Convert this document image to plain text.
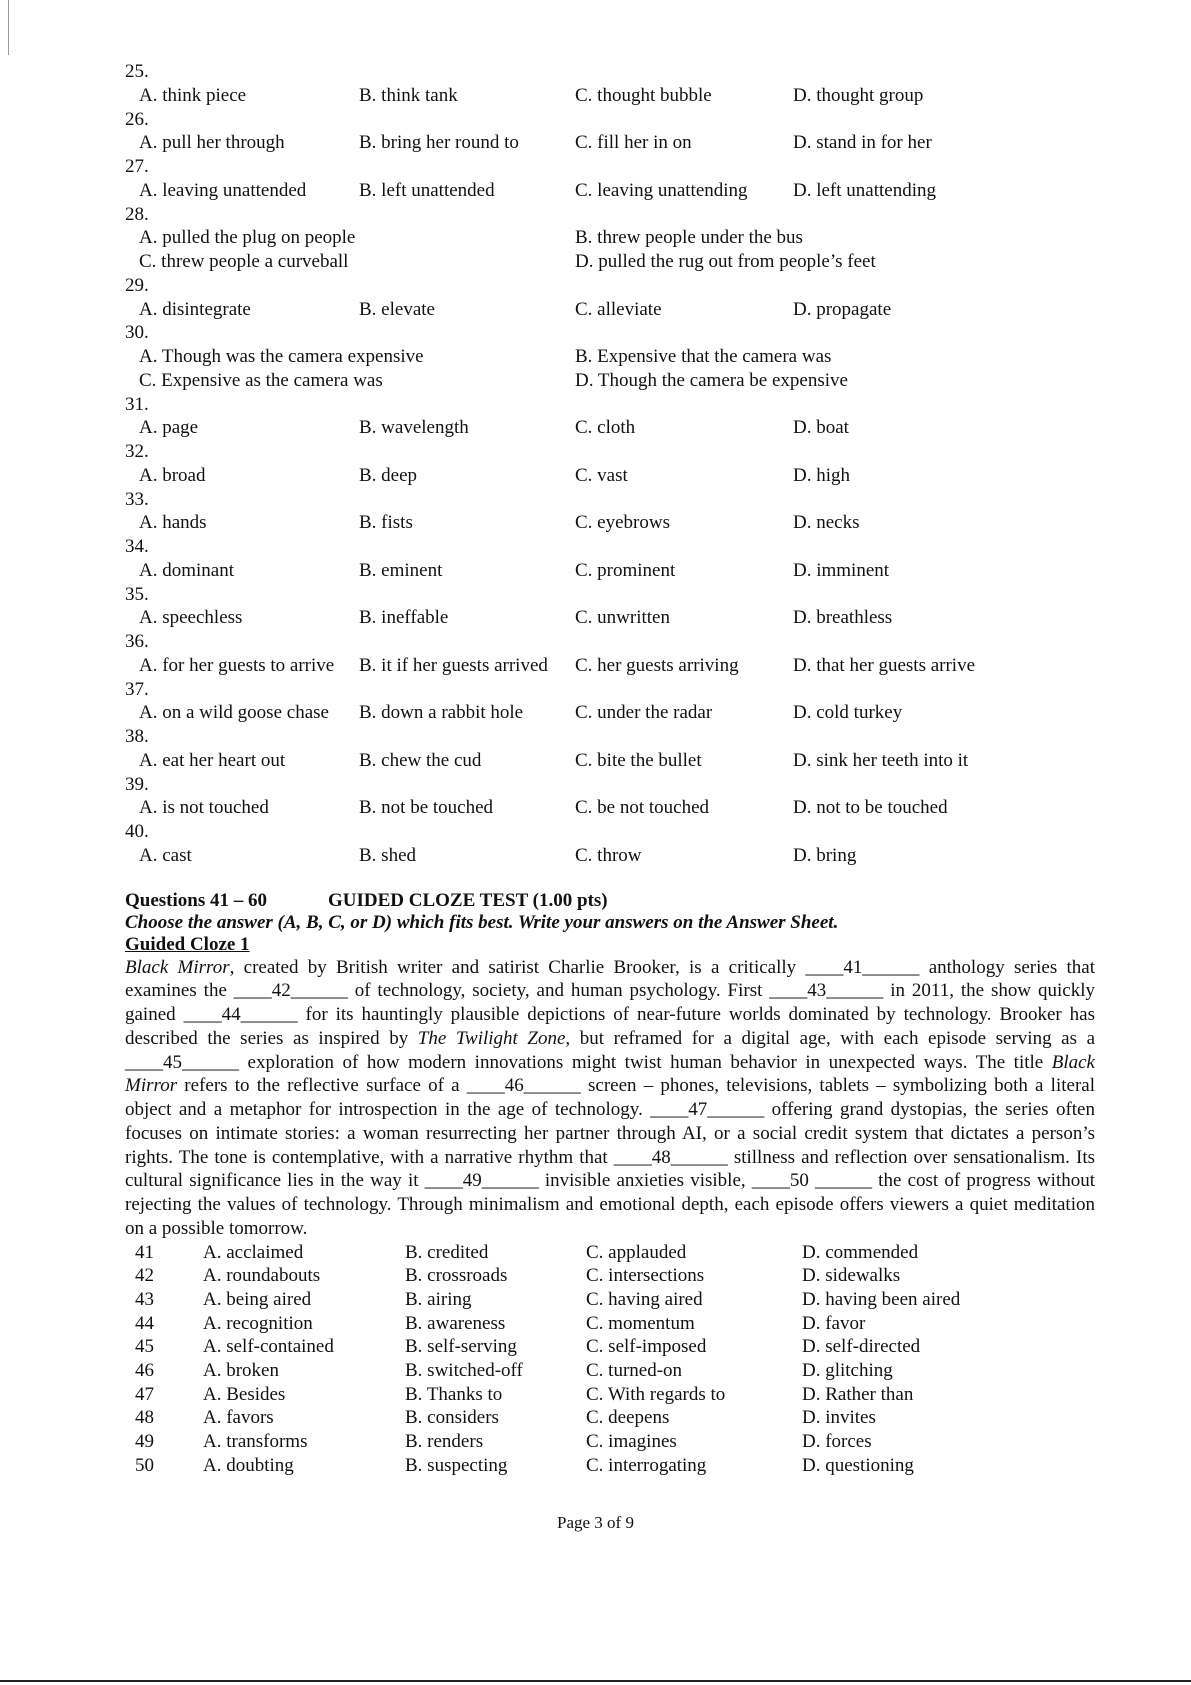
25.
A. think piece	B. think tank	C. thought bubble	D. thought group
26.
A. pull her through	B. bring her round to	C. fill her in on	D. stand in for her
27.
A. leaving unattended	B. left unattended	C. leaving unattending D. left unattending
28.
A. pulled the plug on people	B. threw people under the bus
C. threw people a curveball	D. pulled the rug out from people’s feet
29.
A. disintegrate	B. elevate	C. alleviate	D. propagate
30.
A. Though was the camera expensive	B. Expensive that the camera was
C. Expensive as the camera was	D. Though the camera be expensive
31.
A. page	B. wavelength	C. cloth	D. boat
32.
A. broad	B. deep	C. vast	D. high
33.
A. hands	B. fists	C. eyebrows	D. necks
34.
A. dominant	B. eminent	C. prominent	D. imminent
35.
A. speechless	B. ineffable	C. unwritten	D. breathless
36.
A. for her guests to arrive B. it if her guests arrived C. her guests arriving	D. that her guests arrive
37.
A. on a wild goose chase B. down a rabbit hole	C. under the radar	D. cold turkey
38.
A. eat her heart out	B. chew the cud	C. bite the bullet	D. sink her teeth into it
39.
A. is not touched	B. not be touched	C. be not touched	D. not to be touched
40.
A. cast	B. shed	C. throw	D. bring
Questions 41 – 60	GUIDED CLOZE TEST (1.00 pts)
Choose the answer (A, B, C, or D) which fits best. Write your answers on the Answer Sheet.
Guided Cloze 1
Black Mirror, created by British writer and satirist Charlie Brooker, is a critically ____41______ anthology series that examines the ____42______ of technology, society, and human psychology. First ____43______ in 2011, the show quickly gained ____44______ for its hauntingly plausible depictions of near-future worlds dominated by technology. Brooker has described the series as inspired by The Twilight Zone, but reframed for a digital age, with each episode serving as a ____45______ exploration of how modern innovations might twist human behavior in unexpected ways. The title Black Mirror refers to the reflective surface of a ____46______ screen – phones, televisions, tablets – symbolizing both a literal object and a metaphor for introspection in the age of technology. ____47______ offering grand dystopias, the series often focuses on intimate stories: a woman resurrecting her partner through AI, or a social credit system that dictates a person’s rights. The tone is contemplative, with a narrative rhythm that ____48______ stillness and reflection over sensationalism. Its cultural significance lies in the way it ____49______ invisible anxieties visible, ____50 ______ the cost of progress without rejecting the values of technology. Through minimalism and emotional depth, each episode offers viewers a quiet meditation on a possible tomorrow.
41	A. acclaimed	B. credited	C. applauded	D. commended
42	A. roundabouts	B. crossroads	C. intersections	D. sidewalks
43	A. being aired	B. airing	C. having aired	D. having been aired
44	A. recognition	B. awareness	C. momentum	D. favor
45	A. self-contained	B. self-serving	C. self-imposed	D. self-directed
46	A. broken	B. switched-off	C. turned-on	D. glitching
47	A. Besides	B. Thanks to	C. With regards to	D. Rather than
48	A. favors	B. considers	C. deepens	D. invites
49	A. transforms	B. renders	C. imagines	D. forces
50	A. doubting	B. suspecting	C. interrogating	D. questioning
Page 3 of 9
